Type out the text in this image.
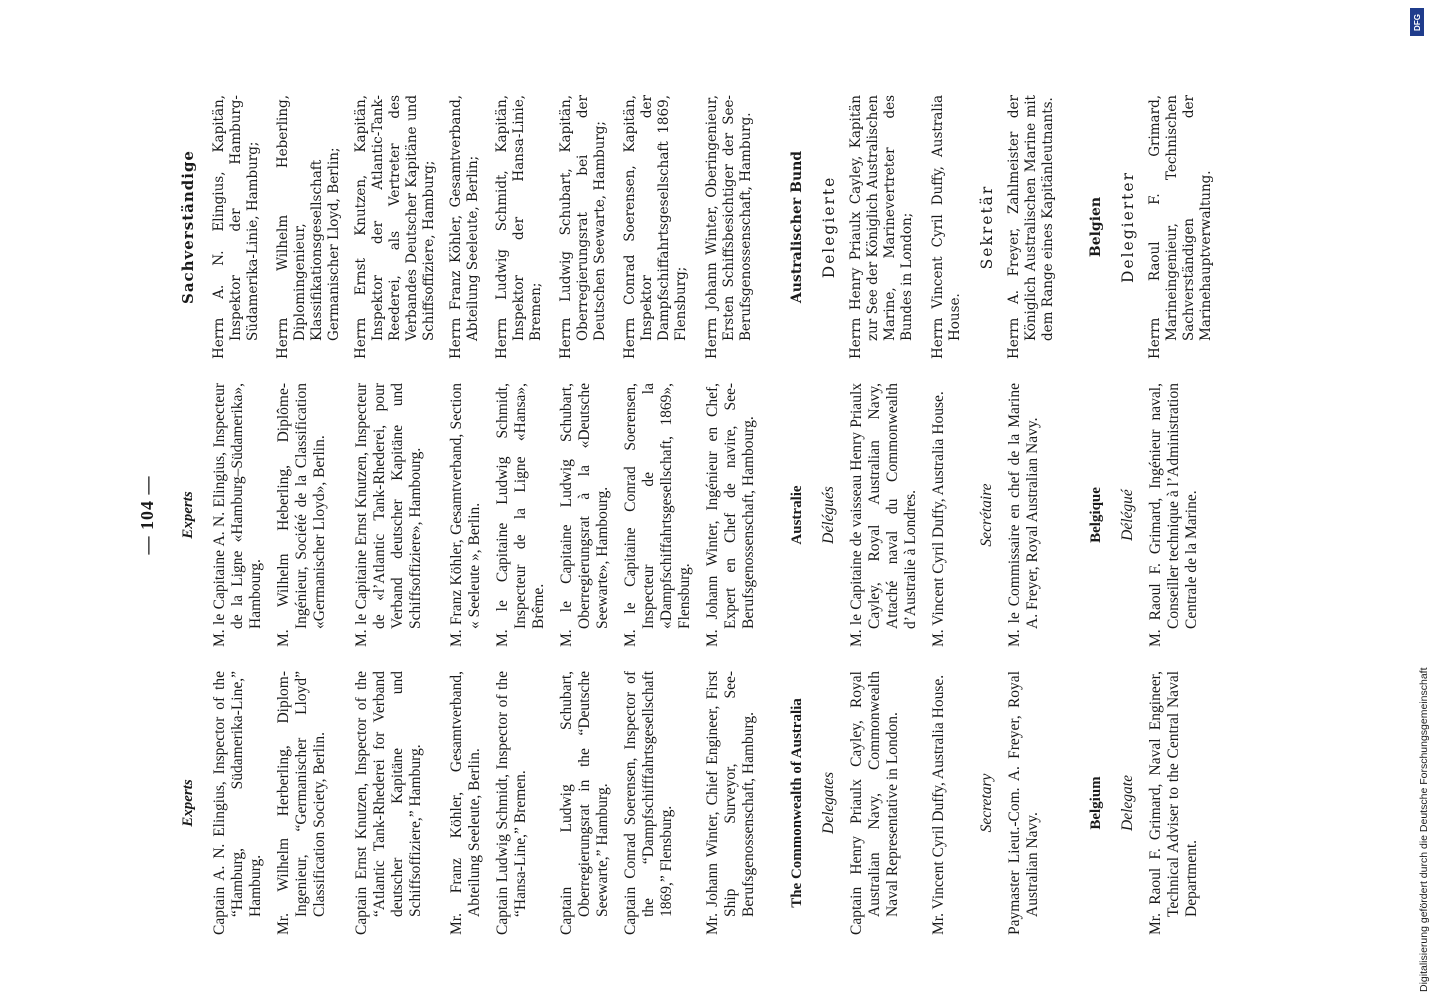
— 104 —
Experts
Experts
Sachverständige
Captain A. N. Elingius, Inspector of the “Hamburg, Südamerika-Line,” Hamburg.
M. le Capitaine A. N. Elingius, Inspecteur de la Ligne «Hamburg–Südamerika», Hambourg.
Herrn A. N. Elingius, Kapitän, Inspektor der Hamburg-Südamerika-Linie, Hamburg;
Mr. Wilhelm Herberling, Diplom-Ingenieur, “Germanischer Lloyd” Classification Society, Berlin.
M. Wilhelm Heberling, Diplôme-Ingénieur, Société de la Classification «Germanischer Lloyd», Berlin.
Herrn Wilhelm Heberling, Diplomingenieur, Klassifikationsgesellschaft Germanischer Lloyd, Berlin;
Captain Ernst Knutzen, Inspector of the “Atlantic Tank-Rhederei for Verband deutscher Kapitäne und Schiffsoffiziere,” Hamburg.
M. le Capitaine Ernst Knutzen, Inspecteur de «l’Atlantic Tank-Rhederei, pour Verband deutscher Kapitäne und Schiffsoffiziere», Hambourg.
Herrn Ernst Knutzen, Kapitän, Inspektor der Atlantic-Tank-Reederei, als Vertreter des Verbandes Deutscher Kapitäne und Schiffsoffiziere, Hamburg;
Mr. Franz Köhler, Gesamtverband, Abteilung Seeleute, Berlin.
M. Franz Köhler, Gesamtverband, Section « Seeleute », Berlin.
Herrn Franz Köhler, Gesamtverband, Abteilung Seeleute, Berlin;
Captain Ludwig Schmidt, Inspector of the “Hansa-Line,” Bremen.
M. le Capitaine Ludwig Schmidt, Inspecteur de la Ligne «Hansa», Brême.
Herrn Ludwig Schmidt, Kapitän, Inspektor der Hansa-Linie, Bremen;
Captain Ludwig Schubart, Oberregierungsrat in the “Deutsche Seewarte,” Hamburg.
M. le Capitaine Ludwig Schubart, Oberregierungsrat à la «Deutsche Seewarte», Hambourg.
Herrn Ludwig Schubart, Kapitän, Oberregierungsrat bei der Deutschen Seewarte, Hamburg;
Captain Conrad Soerensen, Inspector of the “Dampfschifffahrtsgesellschaft 1869,” Flensburg.
M. le Capitaine Conrad Soerensen, Inspecteur de la «Dampfschiffahrtsgesellschaft, 1869», Flensburg.
Herrn Conrad Soerensen, Kapitän, Inspektor der Dampfschiffahrtsgesellschaft 1869, Flensburg;
Mr. Johann Winter, Chief Engineer, First Ship Surveyor, See-Berufsgenossenschaft, Hamburg.
M. Johann Winter, Ingénieur en Chef, Expert en Chef de navire, See-Berufsgenossenschaft, Hambourg.
Herrn Johann Winter, Oberingenieur, Ersten Schiffsbesichtiger der See-Berufsgenossenschaft, Hamburg.
The Commonwealth of Australia
Australie
Australischer Bund
Delegates
Délégués
Delegierte
Captain Henry Priaulx Cayley, Royal Australian Navy, Commonwealth Naval Representative in London.
M. le Capitaine de vaisseau Henry Priaulx Cayley, Royal Australian Navy, Attaché naval du Commonwealth d’Australie à Londres.
Herrn Henry Priaulx Cayley, Kapitän zur See der Königlich Australischen Marine, Marinevertreter des Bundes in London;
Mr. Vincent Cyril Duffy, Australia House.
M. Vincent Cyril Duffy, Australia House.
Herrn Vincent Cyril Duffy, Australia House.
Secretary
Secrétaire
Sekretär
Paymaster Lieut.-Com. A. Freyer, Royal Australian Navy.
M. le Commissaire en chef de la Marine A. Freyer, Royal Australian Navy.
Herrn A. Freyer, Zahlmeister der Königlich Australischen Marine mit dem Range eines Kapitänleutnants.
Belgium
Belgique
Belgien
Delegate
Délégué
Delegierter
Mr. Raoul F. Grimard, Naval Engineer, Technical Adviser to the Central Naval Department.
M. Raoul F. Grimard, Ingénieur naval, Conseiller technique à l’Administration Centrale de la Marine.
Herrn Raoul F. Grimard, Marineingenieur, Technischen Sachverständigen der Marinehauptverwaltung.
DFG
Digitalisierung gefördert durch die Deutsche Forschungsgemeinschaft
